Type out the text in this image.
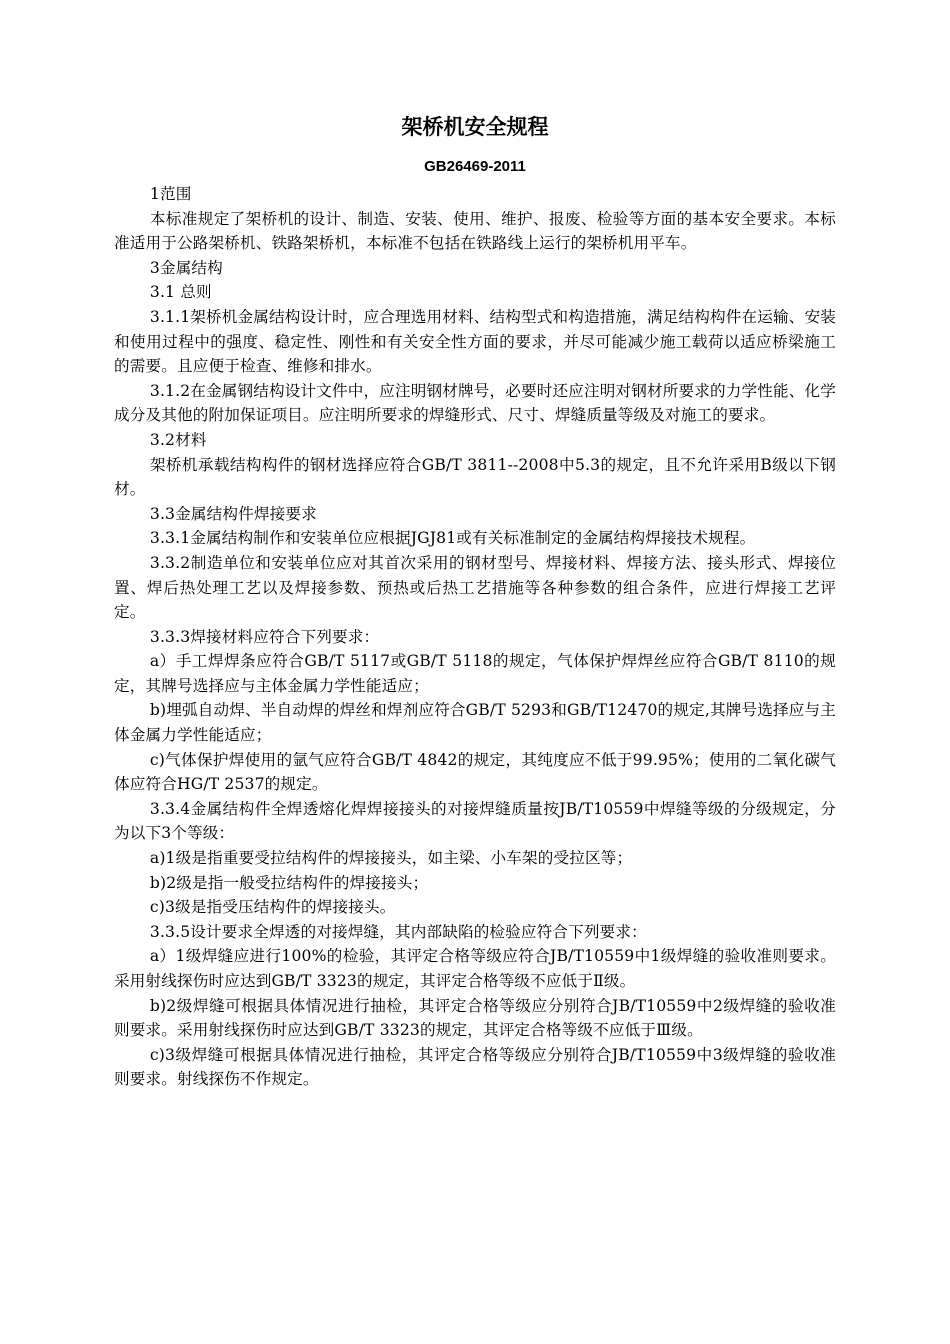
架桥机安全规程
GB26469-2011

1范围

本标准规定了架桥机的设计、制造、安装、使用、维护、报废、检验等方面的基本安全要求。本标准适用于公路架桥机、铁路架桥机，本标准不包括在铁路线上运行的架桥机用平车。

3金属结构

3.1 总则

3.1.1架桥机金属结构设计时，应合理选用材料、结构型式和构造措施，满足结构构件在运输、安装和使用过程中的强度、稳定性、刚性和有关安全性方面的要求，并尽可能减少施工载荷以适应桥梁施工的需要。且应便于检查、维修和排水。

3.1.2在金属钢结构设计文件中，应注明钢材牌号，必要时还应注明对钢材所要求的力学性能、化学成分及其他的附加保证项目。应注明所要求的焊缝形式、尺寸、焊缝质量等级及对施工的要求。

3.2材料

架桥机承载结构构件的钢材选择应符合GB/T 3811--2008中5.3的规定，且不允许采用B级以下钢材。

3.3金属结构件焊接要求

3.3.1金属结构制作和安装单位应根据JGJ81或有关标准制定的金属结构焊接技术规程。

3.3.2制造单位和安装单位应对其首次采用的钢材型号、焊接材料、焊接方法、接头形式、焊接位置、焊后热处理工艺以及焊接参数、预热或后热工艺措施等各种参数的组合条件，应进行焊接工艺评定。

3.3.3焊接材料应符合下列要求：

a）手工焊焊条应符合GB/T 5117或GB/T 5118的规定，气体保护焊焊丝应符合GB/T 8110的规定，其牌号选择应与主体金属力学性能适应；

b)埋弧自动焊、半自动焊的焊丝和焊剂应符合GB/T 5293和GB/T12470的规定,其牌号选择应与主体金属力学性能适应；

c)气体保护焊使用的氩气应符合GB/T 4842的规定，其纯度应不低于99.95%；使用的二氧化碳气体应符合HG/T 2537的规定。

3.3.4金属结构件全焊透熔化焊焊接接头的对接焊缝质量按JB/T10559中焊缝等级的分级规定，分为以下3个等级：

a)1级是指重要受拉结构件的焊接接头，如主梁、小车架的受拉区等；

b)2级是指一般受拉结构件的焊接接头；

c)3级是指受压结构件的焊接接头。

3.3.5设计要求全焊透的对接焊缝，其内部缺陷的检验应符合下列要求：

a）1级焊缝应进行100%的检验，其评定合格等级应符合JB/T10559中1级焊缝的验收准则要求。采用射线探伤时应达到GB/T 3323的规定，其评定合格等级不应低于Ⅱ级。

b)2级焊缝可根据具体情况进行抽检，其评定合格等级应分别符合JB/T10559中2级焊缝的验收准则要求。采用射线探伤时应达到GB/T 3323的规定，其评定合格等级不应低于Ⅲ级。

c)3级焊缝可根据具体情况进行抽检，其评定合格等级应分别符合JB/T10559中3级焊缝的验收准则要求。射线探伤不作规定。
